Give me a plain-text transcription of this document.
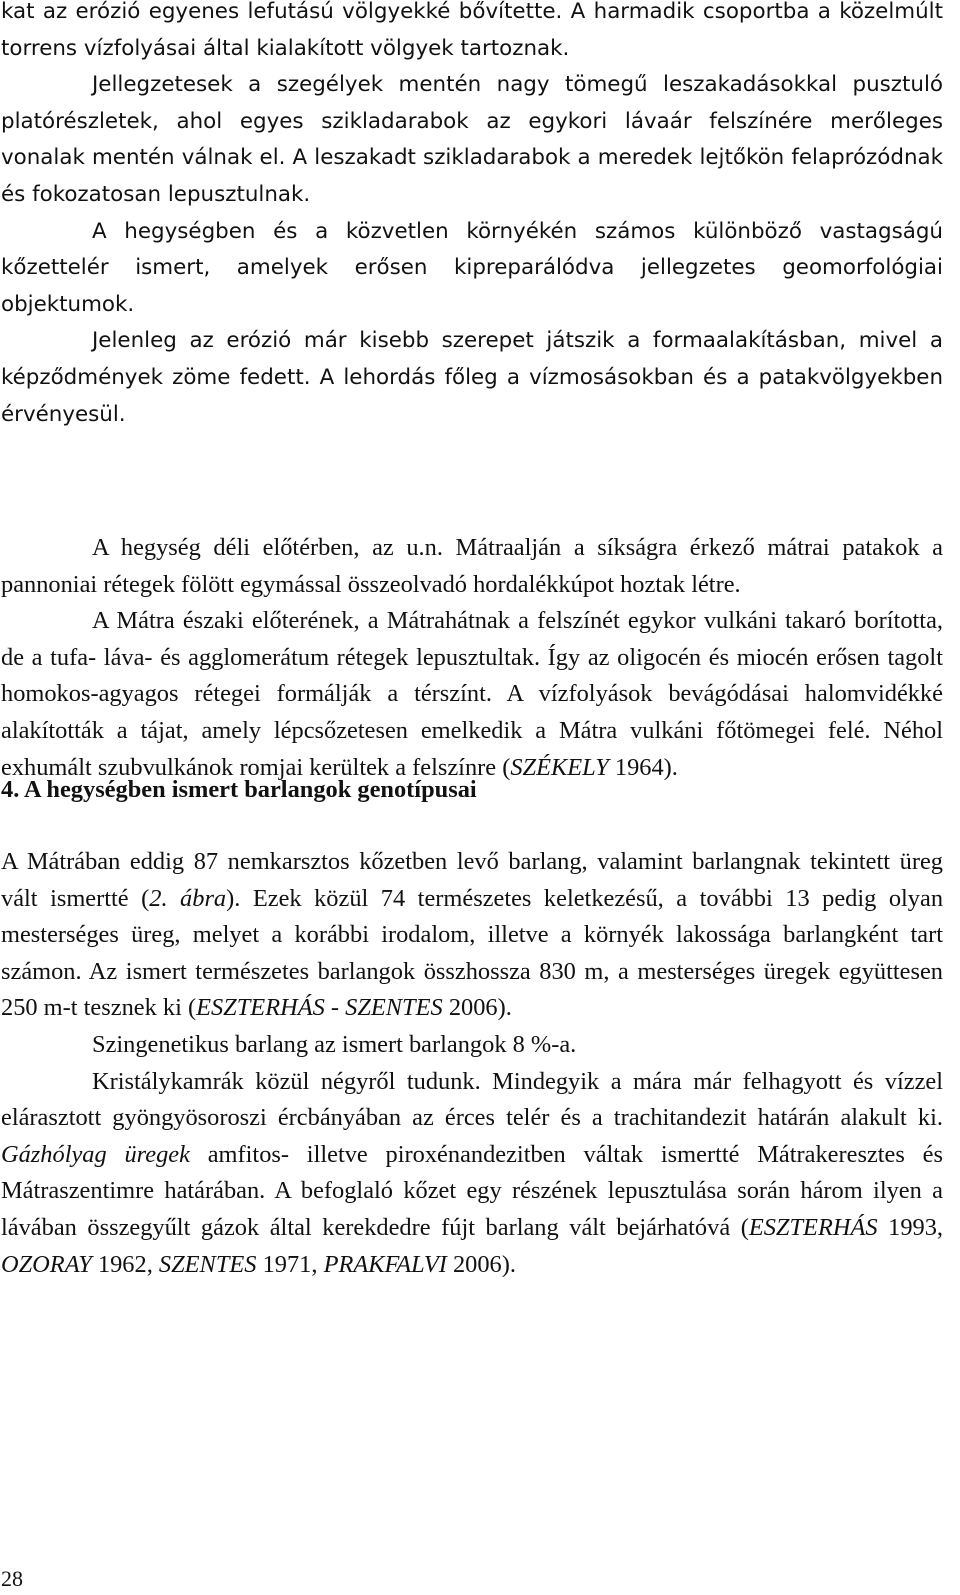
kat az erózió egyenes lefutású völgyekké bővítette. A harmadik csoportba a közelmúlt torrens vízfolyásai által kialakított völgyek tartoznak.

Jellegzetesek a szegélyek mentén nagy tömegű leszakadásokkal pusztuló platórészletek, ahol egyes szikladarabok az egykori lávaár felszínére merőleges vonalak mentén válnak el. A leszakadt szikladarabok a meredek lejtőkön felaprózódnak és fokozatosan lepusztulnak.

A hegységben és a közvetlen környékén számos különböző vastagságú kőzettelér ismert, amelyek erősen kipreparálódva jellegzetes geomorfológiai objektumok.

Jelenleg az erózió már kisebb szerepet játszik a formaalakításban, mivel a képződmények zöme fedett. A lehordás főleg a vízmosásokban és a patakvölgyekben érvényesül.

A hegység déli előtérben, az u.n. Mátraalján a síkságra érkező mátrai patakok a pannoniai rétegek fölött egymással összeolvadó hordalékkúpot hoztak létre.

A Mátra északi előterének, a Mátrahátnak a felszínét egykor vulkáni takaró borította, de a tufa- láva- és agglomerátum rétegek lepusztultak. Így az oligocén és miocén erősen tagolt homokos-agyagos rétegei formálják a térszínt. A vízfolyások bevágódásai halomvidékké alakították a tájat, amely lépcsőzetesen emelkedik a Mátra vulkáni főtömegei felé. Néhol exhumált szubvulkánok romjai kerültek a felszínre (SZÉKELY 1964).

4. A hegységben ismert barlangok genotípusai

A Mátrában eddig 87 nemkarsztos kőzetben levő barlang, valamint barlangnak tekintett üreg vált ismertté (2. ábra). Ezek közül 74 természetes keletkezésű, a további 13 pedig olyan mesterséges üreg, melyet a korábbi irodalom, illetve a környék lakossága barlangként tart számon. Az ismert természetes barlangok összhossza 830 m, a mesterséges üregek együttesen 250 m-t tesznek ki (ESZTERHÁS - SZENTES 2006).

Szingenetikus barlang az ismert barlangok 8 %-a.

Kristálykamrák közül négyről tudunk. Mindegyik a mára már felhagyott és vízzel elárasztott gyöngyösoroszi ércbányában az érces telér és a trachitandezit határán alakult ki. Gázhólyag üregek amfitos- illetve piroxénandezitben váltak ismertté Mátrakeresztes és Mátraszentimre határában. A befoglaló kőzet egy részének lepusztulása során három ilyen a lávában összegyűlt gázok által kerekdedre fújt barlang vált bejárhatóvá (ESZTERHÁS 1993, OZORAY 1962, SZENTES 1971, PRAKFALVI 2006).

28
